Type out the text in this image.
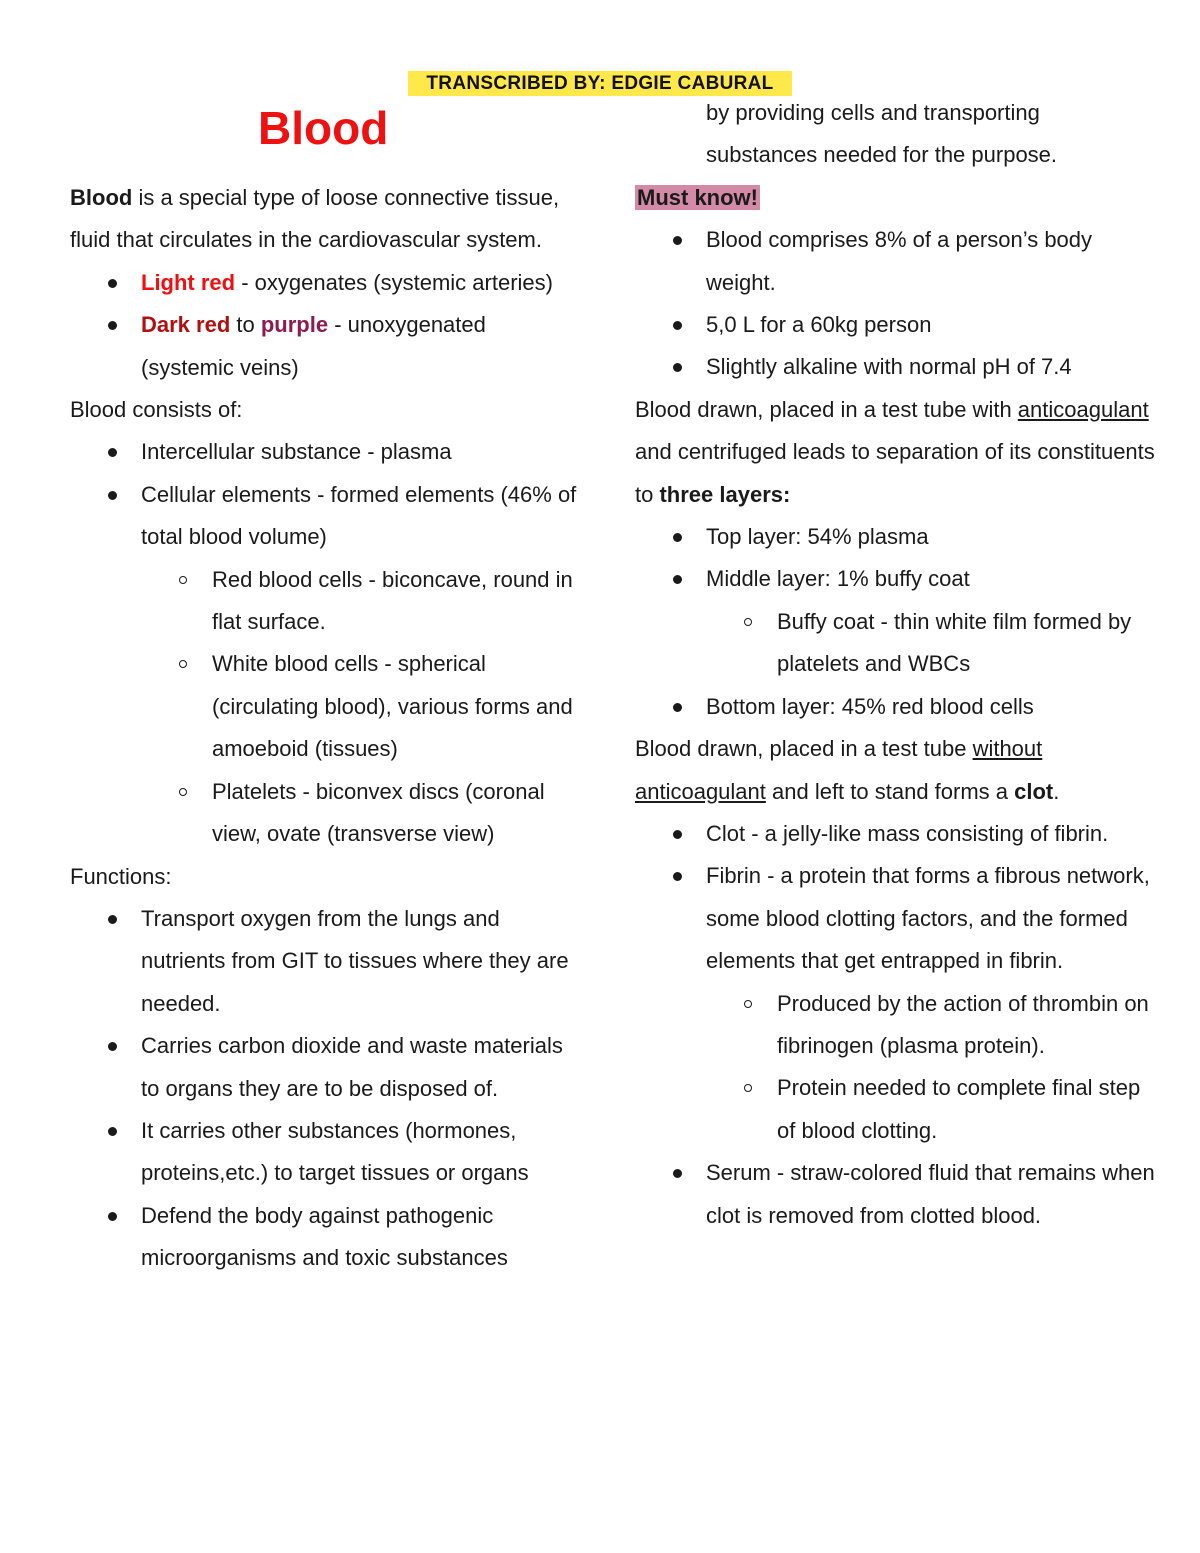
TRANSCRIBED BY: EDGIE CABURAL
Blood

Blood is a special type of loose connective tissue, fluid that circulates in the cardiovascular system.

Light red - oxygenates (systemic arteries)
Dark red to purple - unoxygenated (systemic veins)

Blood consists of:

Intercellular substance - plasma
Cellular elements - formed elements (46% of total blood volume)
Red blood cells - biconcave, round in flat surface.
White blood cells - spherical (circulating blood), various forms and amoeboid (tissues)
Platelets - biconvex discs (coronal view, ovate (transverse view)

Functions:

Transport oxygen from the lungs and nutrients from GIT to tissues where they are needed.
Carries carbon dioxide and waste materials to organs they are to be disposed of.
It carries other substances (hormones, proteins,etc.) to target tissues or organs
Defend the body against pathogenic microorganisms and toxic substances

by providing cells and transporting substances needed for the purpose.

Must know!

Blood comprises 8% of a person’s body weight.
5,0 L for a 60kg person
Slightly alkaline with normal pH of 7.4

Blood drawn, placed in a test tube with anticoagulant and centrifuged leads to separation of its constituents to three layers:

Top layer: 54% plasma
Middle layer: 1% buffy coat
Buffy coat - thin white film formed by platelets and WBCs
Bottom layer: 45% red blood cells

Blood drawn, placed in a test tube without anticoagulant and left to stand forms a clot.

Clot - a jelly-like mass consisting of fibrin.
Fibrin - a protein that forms a fibrous network, some blood clotting factors, and the formed elements that get entrapped in fibrin.
Produced by the action of thrombin on fibrinogen (plasma protein).
Protein needed to complete final step of blood clotting.
Serum - straw-colored fluid that remains when clot is removed from clotted blood.
